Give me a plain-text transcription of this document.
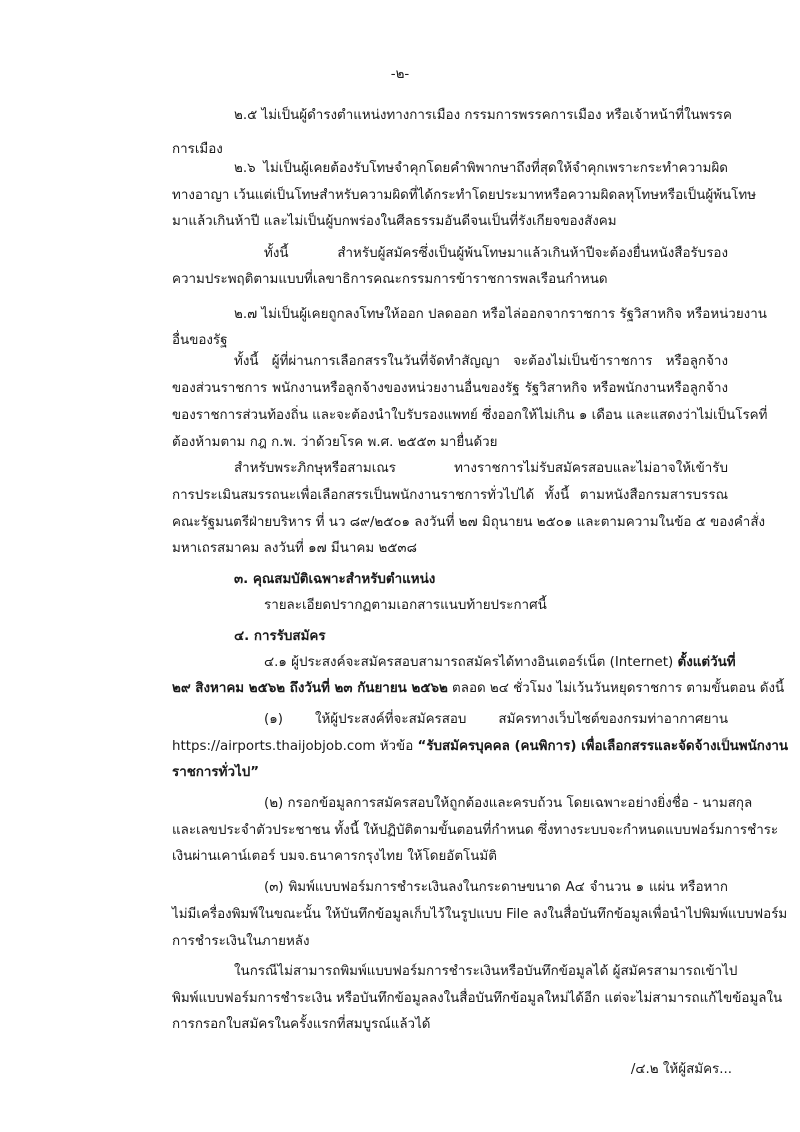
-๒-
๒.๕ ไม่เป็นผู้ดำรงตำแหน่งทางการเมือง กรรมการพรรคการเมือง หรือเจ้าหน้าที่ในพรรค
การเมือง
๒.๖ ไม่เป็นผู้เคยต้องรับโทษจำคุกโดยคำพิพากษาถึงที่สุดให้จำคุกเพราะกระทำความผิด
ทางอาญา เว้นแต่เป็นโทษสำหรับความผิดที่ได้กระทำโดยประมาทหรือความผิดลหุโทษหรือเป็นผู้พ้นโทษ
มาแล้วเกินห้าปี และไม่เป็นผู้บกพร่องในศีลธรรมอันดีจนเป็นที่รังเกียจของสังคม
ทั้งนี้ สำหรับผู้สมัครซึ่งเป็นผู้พ้นโทษมาแล้วเกินห้าปีจะต้องยื่นหนังสือรับรอง
ความประพฤติตามแบบที่เลขาธิการคณะกรรมการข้าราชการพลเรือนกำหนด
๒.๗ ไม่เป็นผู้เคยถูกลงโทษให้ออก ปลดออก หรือไล่ออกจากราชการ รัฐวิสาหกิจ หรือหน่วยงาน
อื่นของรัฐ
ทั้งนี้ ผู้ที่ผ่านการเลือกสรรในวันที่จัดทำสัญญา จะต้องไม่เป็นข้าราชการ หรือลูกจ้าง
ของส่วนราชการ พนักงานหรือลูกจ้างของหน่วยงานอื่นของรัฐ รัฐวิสาหกิจ หรือพนักงานหรือลูกจ้าง
ของราชการส่วนท้องถิ่น และจะต้องนำใบรับรองแพทย์ ซึ่งออกให้ไม่เกิน ๑ เดือน และแสดงว่าไม่เป็นโรคที่
ต้องห้ามตาม กฎ ก.พ. ว่าด้วยโรค พ.ศ. ๒๕๕๓ มายื่นด้วย
สำหรับพระภิกษุหรือสามเณร ทางราชการไม่รับสมัครสอบและไม่อาจให้เข้ารับ
การประเมินสมรรถนะเพื่อเลือกสรรเป็นพนักงานราชการทั่วไปได้ ทั้งนี้ ตามหนังสือกรมสารบรรณ
คณะรัฐมนตรีฝ่ายบริหาร ที่ นว ๘๙/๒๕๐๑ ลงวันที่ ๒๗ มิถุนายน ๒๕๐๑ และตามความในข้อ ๕ ของคำสั่ง
มหาเถรสมาคม ลงวันที่ ๑๗ มีนาคม ๒๕๓๘
๓. คุณสมบัติเฉพาะสำหรับตำแหน่ง
รายละเอียดปรากฏตามเอกสารแนบท้ายประกาศนี้
๔. การรับสมัคร
๔.๑ ผู้ประสงค์จะสมัครสอบสามารถสมัครได้ทางอินเตอร์เน็ต (Internet) ตั้งแต่วันที่
๒๙ สิงหาคม ๒๕๖๒ ถึงวันที่ ๒๓ กันยายน ๒๕๖๒ ตลอด ๒๔ ชั่วโมง ไม่เว้นวันหยุดราชการ ตามขั้นตอน ดังนี้
(๑) ให้ผู้ประสงค์ที่จะสมัครสอบ สมัครทางเว็บไซต์ของกรมท่าอากาศยาน
https://airports.thaijobjob.com หัวข้อ “รับสมัครบุคคล (คนพิการ) เพื่อเลือกสรรและจัดจ้างเป็นพนักงาน
ราชการทั่วไป”
(๒) กรอกข้อมูลการสมัครสอบให้ถูกต้องและครบถ้วน โดยเฉพาะอย่างยิ่งชื่อ - นามสกุล
และเลขประจำตัวประชาชน ทั้งนี้ ให้ปฏิบัติตามขั้นตอนที่กำหนด ซึ่งทางระบบจะกำหนดแบบฟอร์มการชำระ
เงินผ่านเคาน์เตอร์ บมจ.ธนาคารกรุงไทย ให้โดยอัตโนมัติ
(๓) พิมพ์แบบฟอร์มการชำระเงินลงในกระดาษขนาด A๔ จำนวน ๑ แผ่น หรือหาก
ไม่มีเครื่องพิมพ์ในขณะนั้น ให้บันทึกข้อมูลเก็บไว้ในรูปแบบ File ลงในสื่อบันทึกข้อมูลเพื่อนำไปพิมพ์แบบฟอร์ม
การชำระเงินในภายหลัง
ในกรณีไม่สามารถพิมพ์แบบฟอร์มการชำระเงินหรือบันทึกข้อมูลได้ ผู้สมัครสามารถเข้าไป
พิมพ์แบบฟอร์มการชำระเงิน หรือบันทึกข้อมูลลงในสื่อบันทึกข้อมูลใหม่ได้อีก แต่จะไม่สามารถแก้ไขข้อมูลใน
การกรอกใบสมัครในครั้งแรกที่สมบูรณ์แล้วได้
/๔.๒ ให้ผู้สมัคร...
